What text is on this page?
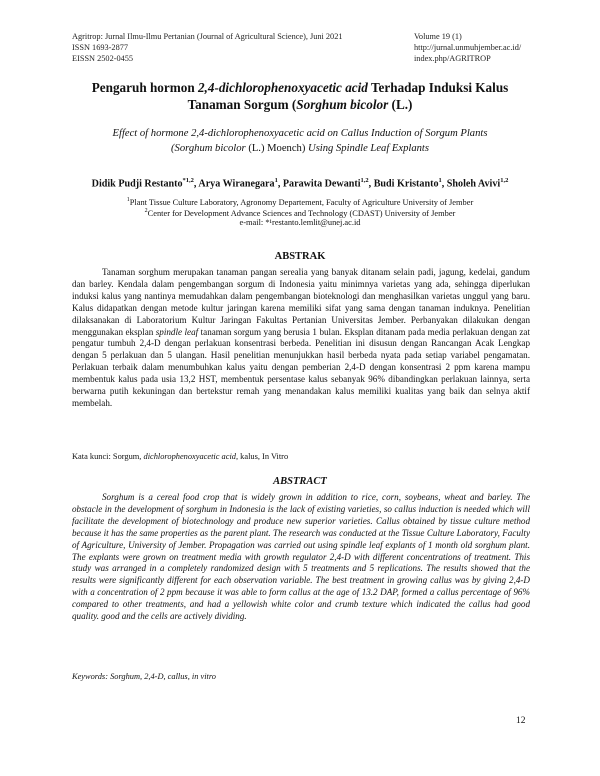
Agritrop: Jurnal Ilmu-Ilmu Pertanian (Journal of Agricultural Science), Juni 2021
ISSN 1693-2877
EISSN 2502-0455
Volume 19 (1)
http://jurnal.unmuhjember.ac.id/
index.php/AGRITROP
Pengaruh hormon 2,4-dichlorophenoxyacetic acid Terhadap Induksi Kalus
Tanaman Sorgum (Sorghum bicolor (L.)
Effect of hormone 2,4-dichlorophenoxyacetic acid on Callus Induction of Sorgum Plants
(Sorghum bicolor (L.) Moench) Using Spindle Leaf Explants
Didik Pudji Restanto$^{*1,2}$, Arya Wiranegara$^1$, Parawita Dewanti$^{1,2}$, Budi Kristanto$^1$, Sholeh Avivi$^{1,2}$
$^1$Plant Tissue Culture Laboratory, Agronomy Departement, Faculty of Agriculture University of Jember
$^2$Center for Development Advance Sciences and Technology (CDAST) University of Jember
e-mail: *¹restanto.lemlit@unej.ac.id
ABSTRAK
Tanaman sorghum merupakan tanaman pangan serealia yang banyak ditanam selain padi, jagung, kedelai, gandum dan barley. Kendala dalam pengembangan sorgum di Indonesia yaitu minimnya varietas yang ada, sehingga diperlukan induksi kalus yang nantinya memudahkan dalam pengembangan bioteknologi dan menghasilkan varietas unggul yang baru. Kalus didapatkan dengan metode kultur jaringan karena memiliki sifat yang sama dengan tanaman induknya. Penelitian dilaksanakan di Laboratorium Kultur Jaringan Fakultas Pertanian Universitas Jember. Perbanyakan dilakukan dengan menggunakan eksplan spindle leaf tanaman sorgum yang berusia 1 bulan. Eksplan ditanam pada media perlakuan dengan zat pengatur tumbuh 2,4-D dengan perlakuan konsentrasi berbeda. Penelitian ini disusun dengan Rancangan Acak Lengkap dengan 5 perlakuan dan 5 ulangan. Hasil penelitian menunjukkan hasil berbeda nyata pada setiap variabel pengamatan. Perlakuan terbaik dalam menumbuhkan kalus yaitu dengan pemberian 2,4-D dengan konsentrasi 2 ppm karena mampu membentuk kalus pada usia 13,2 HST, membentuk persentase kalus sebanyak 96% dibandingkan perlakuan lainnya, serta berwarna putih kekuningan dan bertekstur remah yang menandakan kalus memiliki kualitas yang baik dan selnya aktif membelah.
Kata kunci: Sorgum, dichlorophenoxyacetic acid, kalus, In Vitro
ABSTRACT
Sorghum is a cereal food crop that is widely grown in addition to rice, corn, soybeans, wheat and barley. The obstacle in the development of sorghum in Indonesia is the lack of existing varieties, so callus induction is needed which will facilitate the development of biotechnology and produce new superior varieties. Callus obtained by tissue culture method because it has the same properties as the parent plant. The research was conducted at the Tissue Culture Laboratory, Faculty of Agriculture, University of Jember. Propagation was carried out using spindle leaf explants of 1 month old sorghum plant. The explants were grown on treatment media with growth regulator 2,4-D with different concentrations of treatment. This study was arranged in a completely randomized design with 5 treatments and 5 replications. The results showed that the results were significantly different for each observation variable. The best treatment in growing callus was by giving 2,4-D with a concentration of 2 ppm because it was able to form callus at the age of 13.2 DAP, formed a callus percentage of 96% compared to other treatments, and had a yellowish white color and crumb texture which indicated the callus had good quality. good and the cells are actively dividing.
Keywords: Sorghum, 2,4-D, callus, in vitro
12
